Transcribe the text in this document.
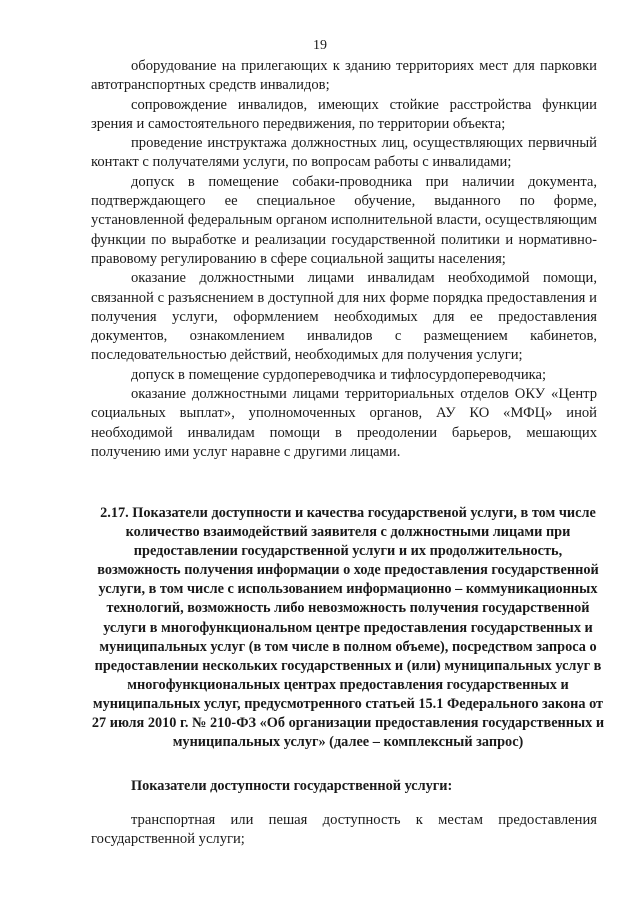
19

оборудование на прилегающих к зданию территориях мест для парковки автотранспортных средств инвалидов;

сопровождение инвалидов, имеющих стойкие расстройства функции зрения и самостоятельного передвижения, по территории объекта;

проведение инструктажа должностных лиц, осуществляющих первичный контакт с получателями услуги, по вопросам работы с инвалидами;

допуск в помещение собаки-проводника при наличии документа, подтверждающего ее специальное обучение, выданного по форме, установленной федеральным органом исполнительной власти, осуществляющим функции по выработке и реализации государственной политики и нормативно-правовому регулированию в сфере социальной защиты населения;

оказание должностными лицами инвалидам необходимой помощи, связанной с разъяснением в доступной для них форме порядка предоставления и получения услуги, оформлением необходимых для ее предоставления документов, ознакомлением инвалидов с размещением кабинетов, последовательностью действий, необходимых для получения услуги;

допуск в помещение сурдопереводчика и тифлосурдопереводчика;

оказание должностными лицами территориальных отделов ОКУ «Центр социальных выплат», уполномоченных органов, АУ КО «МФЦ» иной необходимой инвалидам помощи в преодолении барьеров, мешающих получению ими услуг наравне с другими лицами.

2.17. Показатели доступности и качества государственой услуги, в том числе количество взаимодействий заявителя с должностными лицами при предоставлении государственной услуги и их продолжительность, возможность получения информации о ходе предоставления государственной услуги, в том числе с использованием информационно – коммуникационных технологий, возможность либо невозможность получения государственной услуги в многофункциональном центре предоставления государственных и муниципальных услуг (в том числе в полном объеме), посредством запроса о предоставлении нескольких государственных и (или) муниципальных услуг в многофункциональных центрах предоставления государственных и муниципальных услуг, предусмотренного статьей 15.1 Федерального закона от 27 июля 2010 г. № 210-ФЗ «Об организации предоставления государственных и муниципальных услуг» (далее – комплексный запрос)
Показатели доступности государственной услуги:

транспортная или пешая доступность к местам предоставления государственной услуги;
